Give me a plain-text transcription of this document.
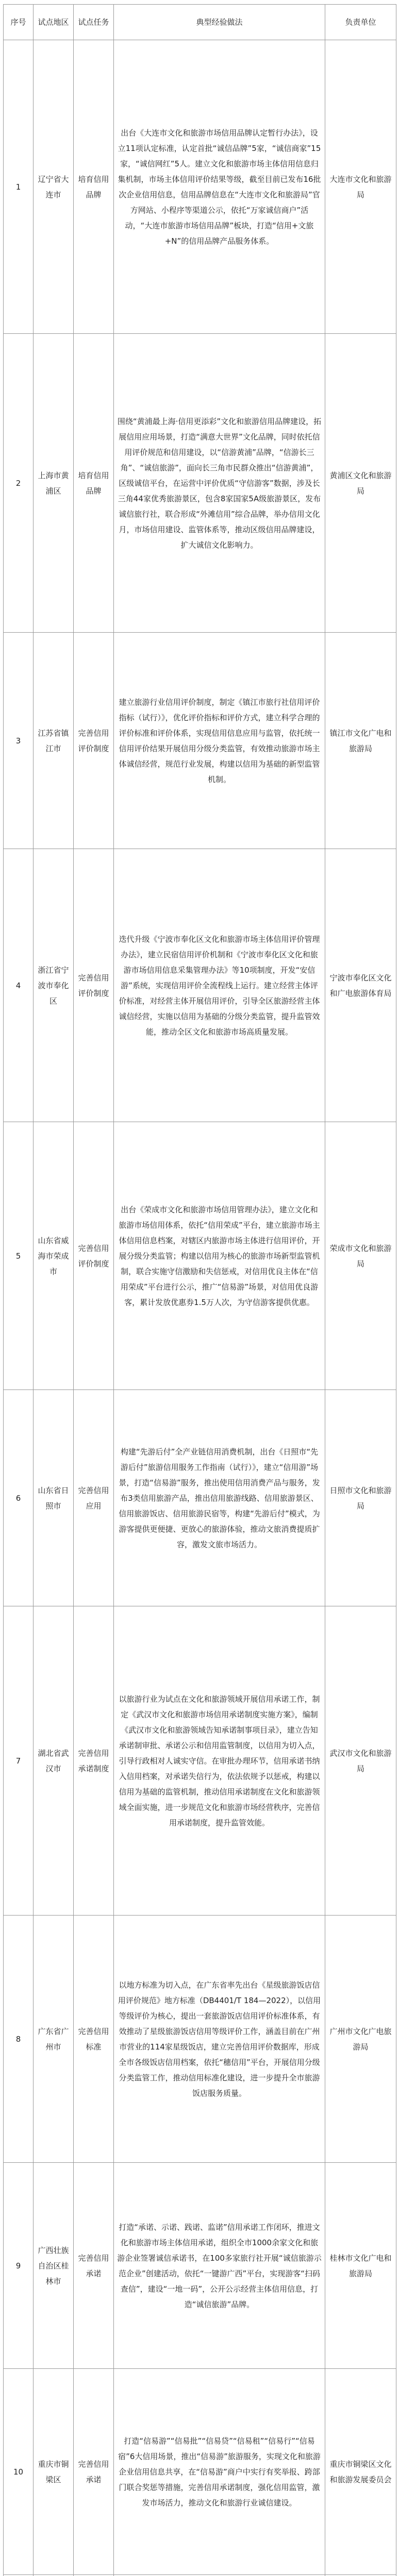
序号	试点地区	试点任务	典型经验做法	负责单位
1	辽宁省大连市	培育信用品牌	出台《大连市文化和旅游市场信用品牌认定暂行办法》，设立11项认定标准，认定首批“诚信品牌”5家，“诚信商家”15家，“诚信网红”5人。建立文化和旅游市场主体信用信息归集机制，市场主体信用评价结果等级，截至目前已发布16批次企业信用信息，信用品牌信息在“大连市文化和旅游局”官方网站、小程序等渠道公示，依托“万家诚信商户”活动，“大连市旅游市场信用品牌”板块，打造“信用+文旅+N”的信用品牌产品服务体系。	大连市文化和旅游局
2	上海市黄浦区	培育信用品牌	围绕“黄浦最上海·信用更添彩”文化和旅游信用品牌建设，拓展信用应用场景，打造“满意大世界”文化品牌，同时依托信用评价规范和信用建设，以“信游黄浦”品牌，“信游长三角”、“诚信旅游”，面向长三角市民群众推出“信游黄浦”，区级诚信平台，在运营中评价优质“守信游客”数据，涉及长三角44家优秀旅游景区，包含8家国家5A级旅游景区，发布诚信旅行社，联合形成“外滩信用”综合品牌，举办信用文化月，市场信用建设、监管体系等，推动区级信用品牌建设，扩大诚信文化影响力。	黄浦区文化和旅游局
3	江苏省镇江市	完善信用评价制度	建立旅游行业信用评价制度，制定《镇江市旅行社信用评价指标（试行）》，优化评价指标和评价方式，建立科学合理的评价标准和评价体系，实现信用信息应用与监管，依托统一信用评价结果开展信用分级分类监管，有效推动旅游市场主体诚信经营，规范行业发展，构建以信用为基础的新型监管机制。	镇江市文化广电和旅游局
4	浙江省宁波市奉化区	完善信用评价制度	迭代升级《宁波市奉化区文化和旅游市场主体信用评价管理办法》，建立民宿信用评价机制和《宁波市奉化区文化和旅游市场信用信息采集管理办法》等10项制度，开发“安信游”系统，实现信用评价全流程线上运行。建立经营主体评价标准，对经营主体开展信用评价，引导全区旅游经营主体诚信经营，实施以信用为基础的分级分类监管，提升监管效能，推动全区文化和旅游市场高质量发展。	宁波市奉化区文化和广电旅游体育局
5	山东省威海市荣成市	完善信用评价制度	出台《荣成市文化和旅游市场信用管理办法》，建立文化和旅游市场信用体系，依托“信用荣成”平台，建立旅游市场主体信用信息档案，对辖区内旅游市场主体进行信用评价，开展分级分类监管；构建以信用为核心的旅游市场新型监管机制，联合实施守信激励和失信惩戒，对信用优良主体在“信用荣成”平台进行公示，推广“信易游”场景，对信用优良游客，累计发放优惠券1.5万人次，为守信游客提供优惠。	荣成市文化和旅游局
6	山东省日照市	完善信用应用	构建“先游后付”全产业链信用消费机制，出台《日照市“先游后付”旅游信用服务工作指南（试行）》，建立“信用游”场景，打造“信易游”服务，推出使用信用消费产品与服务，发布3类信用旅游产品，推出信用旅游线路、信用旅游景区、信用旅游饭店、信用旅游民宿等，构建“先游后付”模式，为游客提供更便捷、更放心的旅游体验，推动文旅消费提质扩容，激发文旅市场活力。	日照市文化和旅游局
7	湖北省武汉市	完善信用承诺制度	以旅游行业为试点在文化和旅游领域开展信用承诺工作，制定《武汉市文化和旅游市场信用承诺制度实施方案》，编制《武汉市文化和旅游领域告知承诺制事项目录》，建立告知承诺制审批、承诺公示和信用监管制度，以信用为切入点，引导行政相对人诚实守信。在审批办理环节，信用承诺书纳入信用档案，对承诺失信行为，依法依规予以惩戒，构建以信用为基础的监管机制，推动信用承诺制度在文化和旅游领域全面实施，进一步规范文化和旅游市场经营秩序，完善信用承诺制度，提升监管效能。	武汉市文化和旅游局
8	广东省广州市	完善信用标准	以地方标准为切入点，在广东省率先出台《星级旅游饭店信用评价规范》地方标准（DB4401/T 184—2022），以信用等级评价为核心，提出一套旅游饭店信用评价标准体系，有效推动了星级旅游饭店信用等级评价工作，涵盖目前在广州市营业的114家星级饭店，建立完善信用评价数据库，形成全市各级饭店信用档案，依托“穗信用”平台，开展信用分级分类监管工作，推动信用标准化建设，进一步提升全市旅游饭店服务质量。	广州市文化广电旅游局
9	广西壮族自治区桂林市	完善信用承诺	打造“承诺、示诺、践诺、监诺”信用承诺工作闭环，推进文化和旅游市场主体信用承诺，组织全市1000余家文化和旅游企业签署诚信承诺书，在100多家旅行社开展“诚信旅游示范企业”创建活动，依托“一键游广西”平台，实现游客“扫码查信”，建设“一地一码”，公开公示经营主体信用信息，打造“诚信旅游”品牌。	桂林市文化广电和旅游局
10	重庆市铜梁区	完善信用承诺	打造“信易游”“信易批”“信易贷”“信易租”“信易行”“信易宿”6大信用场景，推出“信易游”旅游服务，实现文化和旅游企业信用信息共享，在“信易游”商户中实行有奖举报、跨部门联合奖惩等措施，完善信用承诺制度，强化信用监管，激发市场活力，推动文化和旅游行业诚信建设。	重庆市铜梁区文化和旅游发展委员会
